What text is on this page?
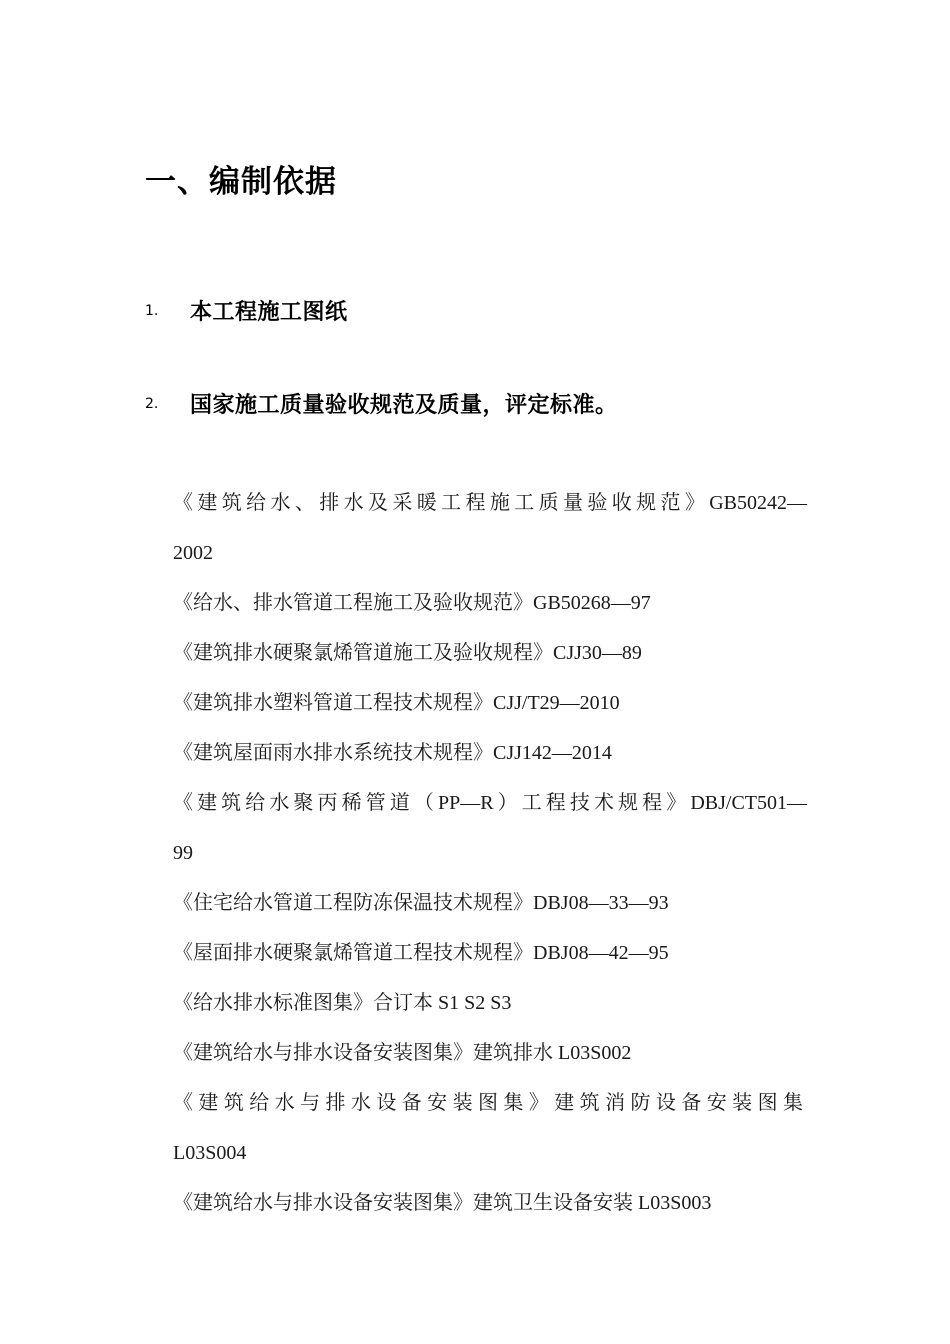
一、编制依据
1. 本工程施工图纸
2. 国家施工质量验收规范及质量，评定标准。

《建筑给水、排水及采暖工程施工质量验收规范》GB50242—

2002

《给水、排水管道工程施工及验收规范》GB50268—97

《建筑排水硬聚氯烯管道施工及验收规程》CJJ30—89

《建筑排水塑料管道工程技术规程》CJJ/T29—2010

《建筑屋面雨水排水系统技术规程》CJJ142—2014

《建筑给水聚丙稀管道（PP—R）工程技术规程》DBJ/CT501—

99

《住宅给水管道工程防冻保温技术规程》DBJ08—33—93

《屋面排水硬聚氯烯管道工程技术规程》DBJ08—42—95

《给水排水标准图集》合订本 S1 S2 S3

《建筑给水与排水设备安装图集》建筑排水 L03S002

《建筑给水与排水设备安装图集》建筑消防设备安装图集

L03S004

《建筑给水与排水设备安装图集》建筑卫生设备安装 L03S003
